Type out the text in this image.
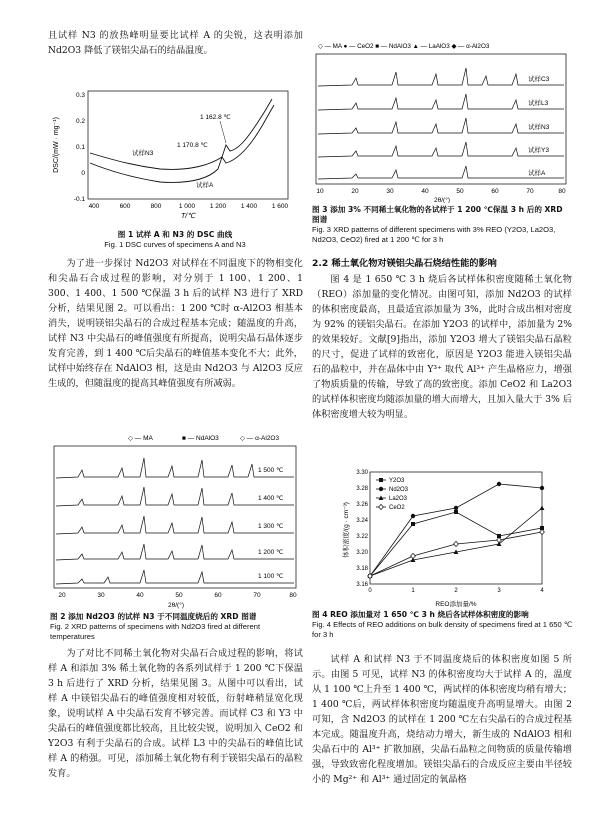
且试样 N3 的放热峰明显要比试样 A 的尖锐，这表明添加 Nd2O3 降低了镁铝尖晶石的结晶温度。

DSC/(mW · mg⁻¹)
0.3
0.2
0.1
0
-0.1
400	600	800	1 000 1 200 1 400 1 600
T/℃
1 162.8 ℃
1 170.8 ℃
试样N3
试样A
图 1 试样 A 和 N3 的 DSC 曲线
Fig. 1 DSC curves of specimens A and N3

为了进一步探讨 Nd2O3 对试样在不同温度下的物相变化和尖晶石合成过程的影响，对分别于 1 100、1 200、1 300、1 400、1 500 ℃保温 3 h 后的试样 N3 进行了 XRD 分析，结果见图 2。可以看出：1 200 ℃时 α-Al2O3 相基本消失，说明镁铝尖晶石的合成过程基本完成；随温度的升高，试样 N3 中尖晶石的峰值强度有所提高，说明尖晶石晶体逐步发育完善，到 1 400 ℃后尖晶石的峰值基本变化不大；此外，试样中始终存在 NdAlO3 相，这是由 Nd2O3 与 Al2O3 反应生成的，但随温度的提高其峰值强度有所减弱。

◇ — MA	■ — NdAlO3	◇ — α-Al2O3
1 500 ℃
1 400 ℃
1 300 ℃
1 200 ℃
1 100 ℃
20	30	40	50	60	70	80
2θ/(°)
图 2 添加 Nd2O3 的试样 N3 于不同温度烧后的 XRD 图谱
Fig. 2 XRD patterns of specimens with Nd2O3 fired at different temperatures

为了对比不同稀土氧化物对尖晶石合成过程的影响，将试样 A 和添加 3% 稀土氧化物的各系列试样于 1 200 ℃下保温 3 h 后进行了 XRD 分析，结果见图 3。从图中可以看出，试样 A 中镁铝尖晶石的峰值强度相对较低，衍射峰稍显宽化现象，说明试样 A 中尖晶石发育不够完善。而试样 C3 和 Y3 中尖晶石的峰值强度都比较高，且比较尖锐，说明加入 CeO2 和 Y2O3 有利于尖晶石的合成。试样 L3 中的尖晶石的峰值比试样 A 的稍强。可见，添加稀土氧化物有利于镁铝尖晶石的晶粒发育。

◇ — MA ● — CeO2 ■ — NdAlO3 ▲ — LaAlO3 ◆ — α-Al2O3
试样C3
试样L3
试样N3
试样Y3
试样A
10	20	30	40	50	60	70	80
2θ/(°)
图 3 添加 3% 不同稀土氧化物的各试样于 1 200 ℃保温 3 h 后的 XRD 图谱
Fig. 3 XRD patterns of different specimens with 3% REO (Y2O3, La2O3, Nd2O3, CeO2) fired at 1 200 ℃ for 3 h
2.2 稀土氧化物对镁铝尖晶石烧结性能的影响

图 4 是 1 650 ℃ 3 h 烧后各试样体积密度随稀土氧化物（REO）添加量的变化情况。由图可知，添加 Nd2O3 的试样的体积密度最高，且最适宜添加量为 3%，此时合成出相对密度为 92% 的镁铝尖晶石。在添加 Y2O3 的试样中，添加量为 2% 的效果较好。文献[9]指出，添加 Y2O3 增大了镁铝尖晶石晶粒的尺寸，促进了试样的致密化，原因是 Y2O3 能进入镁铝尖晶石的晶粒中，并在晶体中由 Y³⁺ 取代 Al³⁺ 产生晶格应力，增强了物质质量的传输，导致了高的致密度。添加 CeO2 和 La2O3 的试样体积密度均随添加量的增大而增大，且加入量大于 3% 后体积密度增大较为明显。

体积密度/(g · cm⁻³)
REO添加量/%
3.16
3.18
3.20
3.22
3.24
3.26
3.28
3.30
0	1	2	3	4
Y2O3
Nd2O3
La2O3
CeO2
图 4 REO 添加量对 1 650 ℃ 3 h 烧后各试样体积密度的影响
Fig. 4 Effects of REO additions on bulk density of specimens fired at 1 650 ℃ for 3 h

试样 A 和试样 N3 于不同温度烧后的体积密度如图 5 所示。由图 5 可见，试样 N3 的体积密度均大于试样 A 的，温度从 1 100 ℃上升至 1 400 ℃，两试样的体积密度均稍有增大；1 400 ℃后，两试样体积密度均随温度升高明显增大。由图 2 可知，含 Nd2O3 的试样在 1 200 ℃左右尖晶石的合成过程基本完成。随温度升高，烧结动力增大，新生成的 NdAlO3 相和尖晶石中的 Al³⁺ 扩散加剧，尖晶石晶粒之间物质的质量传输增强，导致致密化程度增加。镁铝尖晶石的合成反应主要由半径较小的 Mg²⁺ 和 Al³⁺ 通过固定的氧晶格
